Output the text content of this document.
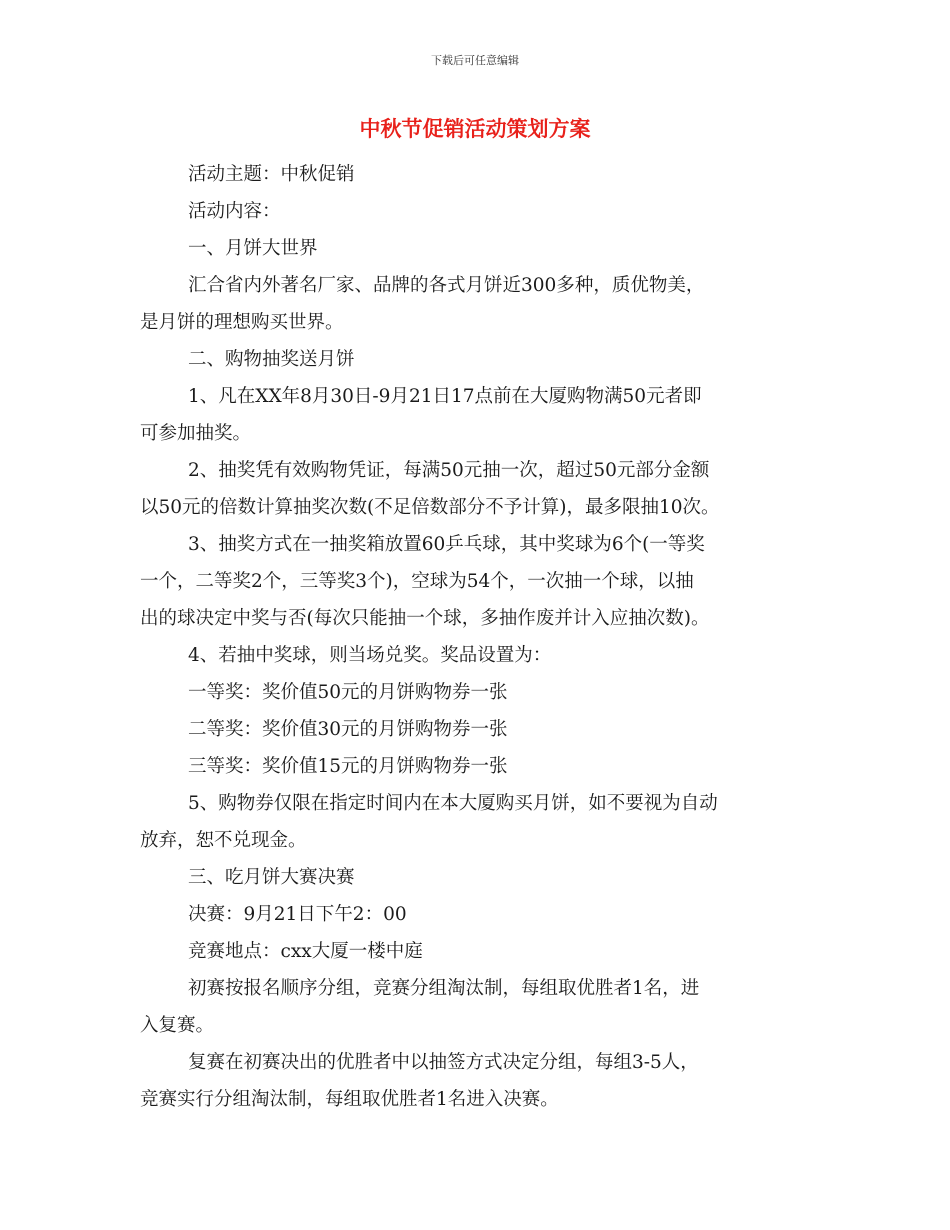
下载后可任意编辑
中秋节促销活动策划方案

活动主题：中秋促销

活动内容：

一、月饼大世界

汇合省内外著名厂家、品牌的各式月饼近300多种，质优物美，
是月饼的理想购买世界。

二、购物抽奖送月饼

1、凡在XX年8月30日-9月21日17点前在大厦购物满50元者即
可参加抽奖。

2、抽奖凭有效购物凭证，每满50元抽一次，超过50元部分金额
以50元的倍数计算抽奖次数(不足倍数部分不予计算)，最多限抽10次。

3、抽奖方式在一抽奖箱放置60乒乓球，其中奖球为6个(一等奖
一个，二等奖2个，三等奖3个)，空球为54个，一次抽一个球，以抽
出的球决定中奖与否(每次只能抽一个球，多抽作废并计入应抽次数)。

4、若抽中奖球，则当场兑奖。奖品设置为：

一等奖：奖价值50元的月饼购物券一张

二等奖：奖价值30元的月饼购物券一张

三等奖：奖价值15元的月饼购物券一张

5、购物券仅限在指定时间内在本大厦购买月饼，如不要视为自动
放弃，恕不兑现金。

三、吃月饼大赛决赛

决赛：9月21日下午2：00

竞赛地点：cxx大厦一楼中庭

初赛按报名顺序分组，竞赛分组淘汰制，每组取优胜者1名，进
入复赛。

复赛在初赛决出的优胜者中以抽签方式决定分组，每组3-5人，
竞赛实行分组淘汰制，每组取优胜者1名进入决赛。
